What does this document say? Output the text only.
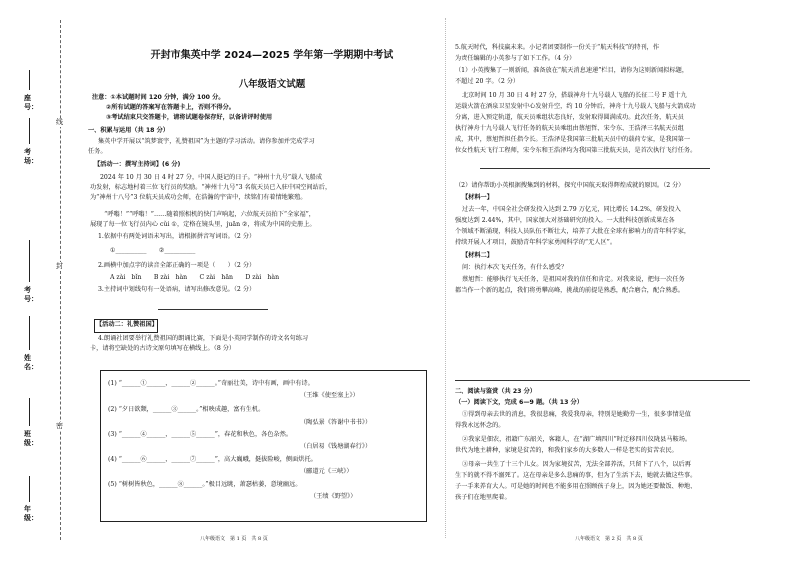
座号：
考场：
考号：
姓名：
班级：
年级：
线
封
密
开封市集英中学 2024—2025 学年第一学期期中考试
八年级语文试题
注意：①本试题时间 120 分钟，满分 100 分。
②所有试题的答案写在答题卡上，否则不得分。
③考试结束只交答题卡，请将试题卷保存好，以备讲评时使用
一、积累与运用（共 18 分）
集英中学开展以“筑梦寰宇，礼赞祖国”为主题的学习活动。请你参加并完成学习
任务。
【活动一：撰写主持词】(6 分)
2024 年 10 月 30 日 4 时 27 分，中国人挺记的日子。“神州十九号”载人飞船成
功发射，标志地村着三位飞行员的奖励。“神州十九号”3 名航天员已入驻中国空间站后，
为“神州十八号”3 位航天员成功会师，在浩瀚的宇宙中，续铭们有着情地繁殖。
　“呼嗡！”“呼嗡！”……随着照相机的快门声响起，六位航天员拍下“全家福”，
展现了每一位飞行员内心 cǔi ①，定格在镜头里，juān ②，将成为中国的史册上。
1.依据中有两处词语未写出，请根据拼音写词语。（2 分）
①__________　　②__________
2.画横中加点字的读音全部正确的一项是（　　）（2 分）
A zài　bǐn　　B zài　hàn　　C zài　hān　　D zài　hàn
3.主持词中划线句有一处语病，请写出修改意见。（2 分）
【活动二：礼赞祖国】
4.朗诵社团要举行礼赞祖国的朗诵比赛，下面是小英同学制作的诗文名句练习
卡，请将空缺处的古诗文原句填写在横线上。（8 分）
(1) “______①______，______②______。”奇丽壮美，诗中有画，画中有诗。
（王维《使至塞上》）
(2) “夕日欲颓，______③______。”相映成趣，富有生机。
（陶弘景《答谢中书书》）
(3) “______④______，______⑤______”，春花和秋色，各色杂然。
（白居易《钱塘湖春行》）
(4) “______⑥______，______⑦______”，高大巍峨，挺拔险峻，侧面烘托。
（郦道元《三峡》）
(5) “树树皆秋色，______⑧______。”极目远眺，萧瑟枯萎，意境幽远。
（王绩《野望》）
八年级语文　第 1 页　共 8 页
5.航天时代，科技赢未来。小记者团要制作一份关于“航天科技”的特刊，作
为责任编辑的小英参与了如下工作。（4 分）
（1）小英搜集了一则新闻，准备放在“航天消息速递”栏目，请你为这则新闻拟标题，
不超过 20 字。（2 分）
北京时间 10 月 30 日 4 时 27 分，搭载神舟十九号载人飞船的长征二号 F 遥十九
运载火箭在酒泉卫星发射中心发射升空，约 10 分钟后，神舟十九号载人飞船与火箭成功
分离，进入预定轨道，航天员乘组状态良好，发射取得圆满成功。此次任务，航天员
执行神舟十九号载人飞行任务的航天员乘组由蔡旭哲、宋令东、王浩泽三名航天员组
成，其中，蔡旭哲担任指令长。王浩泽是我国第三批航天员中的载荷专家，是我国第一
位女性航天飞行工程师，宋令东和王浩泽均为我国第三批航天员，是首次执行飞行任务。
（2）请你帮助小英根据搜集到的材料，探究中国航天取得辉煌成就的原因。（2 分）
【材料一】
过去一年，中国全社会研发投入达到 2.79 万亿元，同比增长 14.2%，研发投入
强度达到 2.44%，其中，国家加大对基础研究的投入。一大批科技创新成果在各
个领域不断涌现，科技人员队伍不断壮大，培养了大批在全球有影响力的青年科学家，
持续开展人才项目，鼓励青年科学家勇闯科学的“无人区”。
【材料二】
问：执行本次飞天任务，有什么感受？
蔡旭哲：能够执行飞天任务，是祖国对我的信任和肯定。对我来说，把每一次任务
都当作一个新的起点，我们将勇攀高峰，挑战的前提是熟悉，配合磨合，配合熟悉。
二、阅读与鉴赏（共 23 分）
（一）阅读下文，完成 6—9 题。（共 13 分）
①得到母亲去世的消息，我很悲痛，我爱我母亲，特别是她勤劳一生，很多事情是值
得我永远怀念的。
②我家是佃农，祖籍广东韶关，客籍人，在“湖广填四川”时迁移四川仪陇县马鞍场。
世代为地主耕种，家境是贫苦的，和我们家乡的大多数人一样是老实的贫苦农民。
③母亲一共生了十三个儿女。因为家境贫苦，无法全部养活，只留下了八个，以后再
生下的就不得不溺死了。这在母亲是多么悲痛的事，但为了生活下去，她就去做这些事。
子一手来养育大人。可是她的时间也不能多用在照顾孩子身上，因为她还要做饭、种地、
孩子们在地里爬着。
八年级语文　第 2 页　共 8 页
